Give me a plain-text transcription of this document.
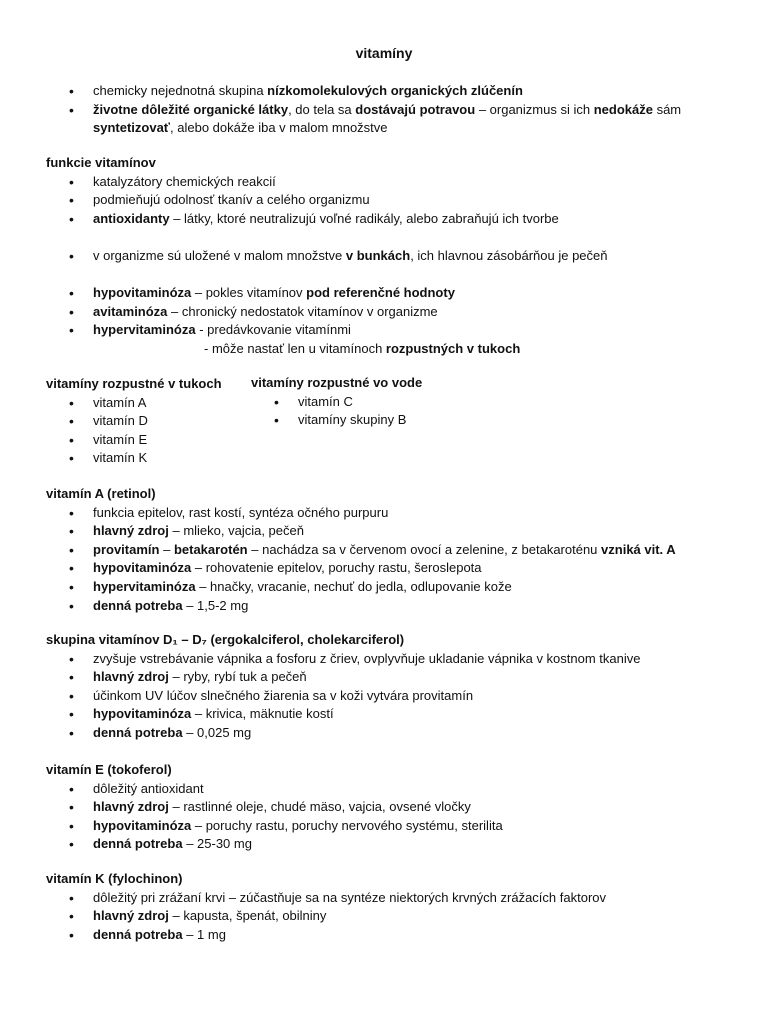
vitamíny
• chemicky nejednotná skupina nízkomolekulových organických zlúčenín
• životne dôležité organické látky, do tela sa dostávajú potravou – organizmus si ich nedokáže sám syntetizovať, alebo dokáže iba v malom množstve
funkcie vitamínov
• katalyzátory chemických reakcií
• podmieňujú odolnosť tkanív a celého organizmu
• antioxidanty – látky, ktoré neutralizujú voľné radikály, alebo zabraňujú ich tvorbe
• v organizme sú uložené v malom množstve v bunkách, ich hlavnou zásobárňou je pečeň
• hypovitaminóza – pokles vitamínov pod referenčné hodnoty
• avitaminóza – chronický nedostatok vitamínov v organizme
• hypervitaminóza - predávkovanie vitamínmi
- môže nastať len u vitamínoch rozpustných v tukoch
vitamíny rozpustné v tukoch
• vitamín A
• vitamín D
• vitamín E
• vitamín K
vitamíny rozpustné vo vode
• vitamín C
• vitamíny skupiny B
vitamín A (retinol)
• funkcia epitelov, rast kostí, syntéza očného purpuru
• hlavný zdroj – mlieko, vajcia, pečeň
• provitamín – betakarotén – nachádza sa v červenom ovocí a zelenine, z betakaroténu vzniká vit. A
• hypovitaminóza – rohovatenie epitelov, poruchy rastu, šeroslepota
• hypervitaminóza – hnačky, vracanie, nechuť do jedla, odlupovanie kože
• denná potreba – 1,5-2 mg
skupina vitamínov D₁ – D₇ (ergokalciferol, cholekarciferol)
• zvyšuje vstrebávanie vápnika a fosforu z čriev, ovplyvňuje ukladanie vápnika v kostnom tkanive
• hlavný zdroj – ryby, rybí tuk a pečeň
• účinkom UV lúčov slnečného žiarenia sa v koži vytvára provitamín
• hypovitaminóza – krivica, mäknutie kostí
• denná potreba – 0,025 mg
vitamín E (tokoferol)
• dôležitý antioxidant
• hlavný zdroj – rastlinné oleje, chudé mäso, vajcia, ovsené vločky
• hypovitaminóza – poruchy rastu, poruchy nervového systému, sterilita
• denná potreba – 25-30 mg
vitamín K (fylochinon)
• dôležitý pri zrážaní krvi – zúčastňuje sa na syntéze niektorých krvných zrážacích faktorov
• hlavný zdroj – kapusta, špenát, obilniny
• denná potreba – 1 mg
